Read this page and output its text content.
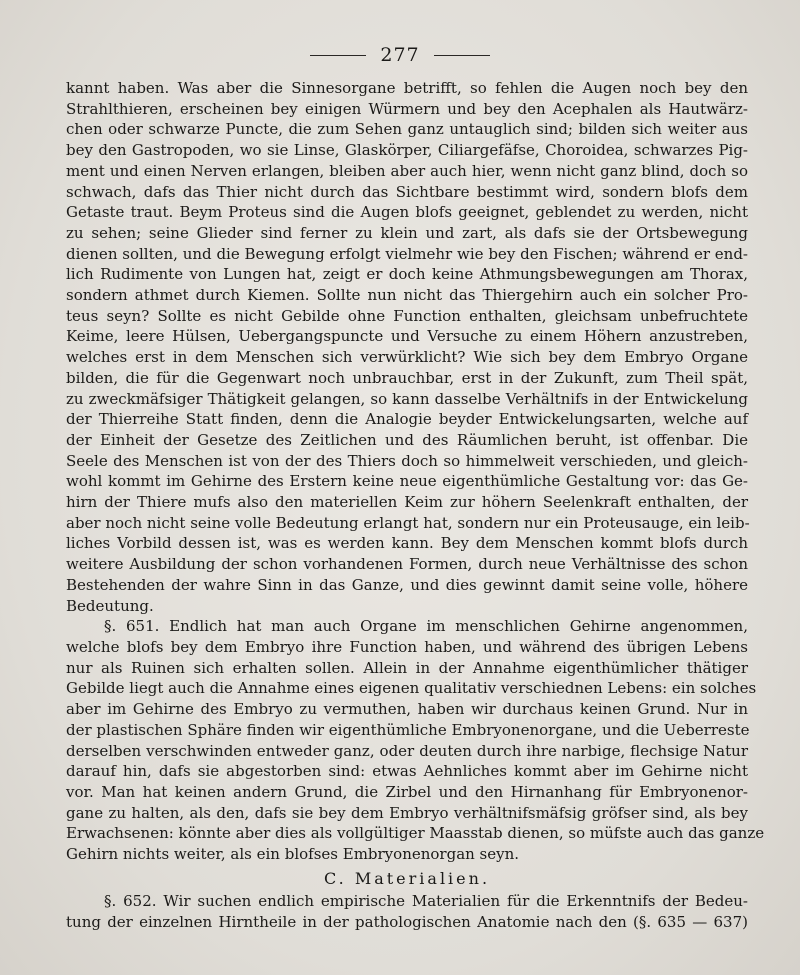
277
kannt haben. Was aber die Sinnesorgane betrifft, so fehlen die Augen noch bey den
Strahlthieren, erscheinen bey einigen Würmern und bey den Acephalen als Hautwärz-
chen oder schwarze Puncte, die zum Sehen ganz untauglich sind; bilden sich weiter aus
bey den Gastropoden, wo sie Linse, Glaskörper, Ciliargefäfse, Choroidea, schwarzes Pig-
ment und einen Nerven erlangen, bleiben aber auch hier, wenn nicht ganz blind, doch so
schwach, dafs das Thier nicht durch das Sichtbare bestimmt wird, sondern blofs dem
Getaste traut. Beym Proteus sind die Augen blofs geeignet, geblendet zu werden, nicht
zu sehen; seine Glieder sind ferner zu klein und zart, als dafs sie der Ortsbewegung
dienen sollten, und die Bewegung erfolgt vielmehr wie bey den Fischen; während er end-
lich Rudimente von Lungen hat, zeigt er doch keine Athmungsbewegungen am Thorax,
sondern athmet durch Kiemen. Sollte nun nicht das Thiergehirn auch ein solcher Pro-
teus seyn? Sollte es nicht Gebilde ohne Function enthalten, gleichsam unbefruchtete
Keime, leere Hülsen, Uebergangspuncte und Versuche zu einem Höhern anzustreben,
welches erst in dem Menschen sich verwürklicht? Wie sich bey dem Embryo Organe
bilden, die für die Gegenwart noch unbrauchbar, erst in der Zukunft, zum Theil spät,
zu zweckmäfsiger Thätigkeit gelangen, so kann dasselbe Verhältnifs in der Entwickelung
der Thierreihe Statt finden, denn die Analogie beyder Entwickelungsarten, welche auf
der Einheit der Gesetze des Zeitlichen und des Räumlichen beruht, ist offenbar. Die
Seele des Menschen ist von der des Thiers doch so himmelweit verschieden, und gleich-
wohl kommt im Gehirne des Erstern keine neue eigenthümliche Gestaltung vor: das Ge-
hirn der Thiere mufs also den materiellen Keim zur höhern Seelenkraft enthalten, der
aber noch nicht seine volle Bedeutung erlangt hat, sondern nur ein Proteusauge, ein leib-
liches Vorbild dessen ist, was es werden kann. Bey dem Menschen kommt blofs durch
weitere Ausbildung der schon vorhandenen Formen, durch neue Verhältnisse des schon
Bestehenden der wahre Sinn in das Ganze, und dies gewinnt damit seine volle, höhere
Bedeutung.
§. 651. Endlich hat man auch Organe im menschlichen Gehirne angenommen,
welche blofs bey dem Embryo ihre Function haben, und während des übrigen Lebens
nur als Ruinen sich erhalten sollen. Allein in der Annahme eigenthümlicher thätiger
Gebilde liegt auch die Annahme eines eigenen qualitativ verschiednen Lebens: ein solches
aber im Gehirne des Embryo zu vermuthen, haben wir durchaus keinen Grund. Nur in
der plastischen Sphäre finden wir eigenthümliche Embryonenorgane, und die Ueberreste
derselben verschwinden entweder ganz, oder deuten durch ihre narbige, flechsige Natur
darauf hin, dafs sie abgestorben sind: etwas Aehnliches kommt aber im Gehirne nicht
vor. Man hat keinen andern Grund, die Zirbel und den Hirnanhang für Embryonenor-
gane zu halten, als den, dafs sie bey dem Embryo verhältnifsmäfsig gröfser sind, als bey
Erwachsenen: könnte aber dies als vollgültiger Maasstab dienen, so müfste auch das ganze
Gehirn nichts weiter, als ein blofses Embryonenorgan seyn.
C. Materialien.
§. 652. Wir suchen endlich empirische Materialien für die Erkenntnifs der Bedeu-
tung der einzelnen Hirntheile in der pathologischen Anatomie nach den (§. 635 — 637)
